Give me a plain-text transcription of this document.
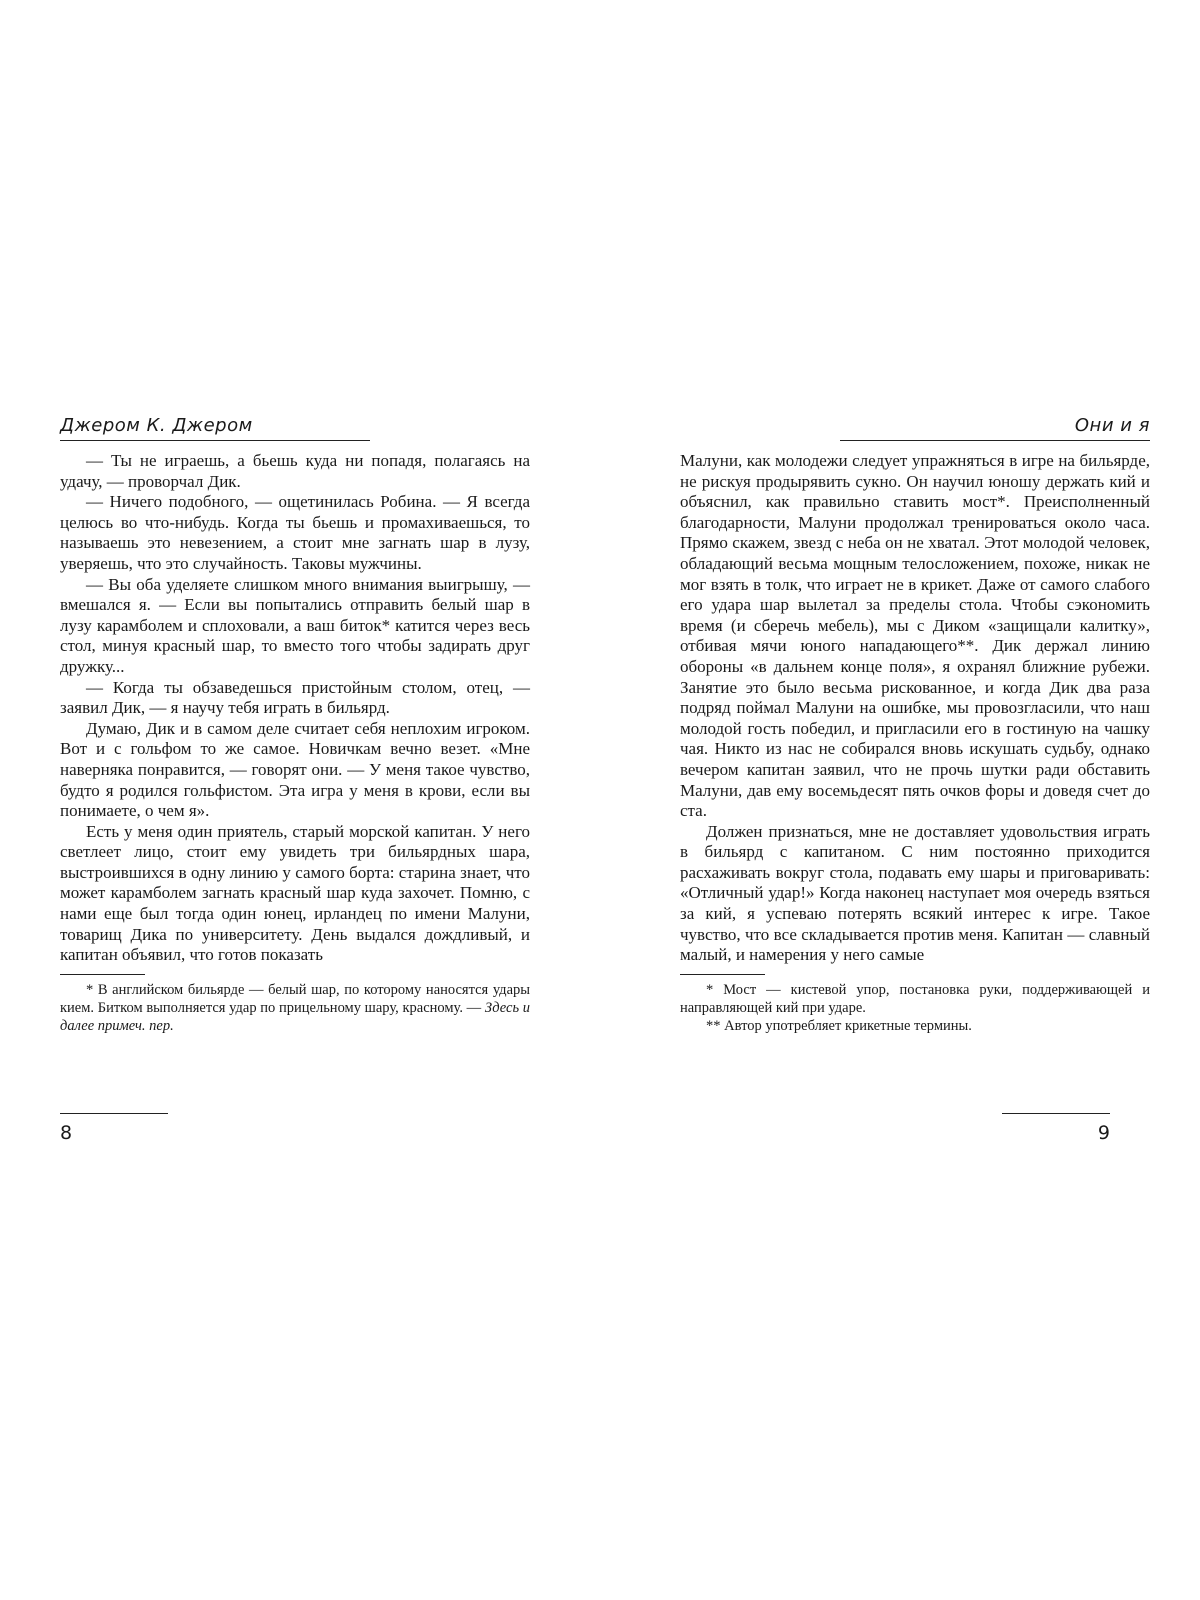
Джером К. Джером

— Ты не играешь, а бьешь куда ни попадя, полагаясь на удачу, — проворчал Дик.

— Ничего подобного, — ощетинилась Робина. — Я всегда целюсь во что-нибудь. Когда ты бьешь и промахиваешься, то называешь это невезением, а стоит мне загнать шар в лузу, уверяешь, что это случайность. Таковы мужчины.

— Вы оба уделяете слишком много внимания выигрышу, — вмешался я. — Если вы попытались отправить белый шар в лузу карамболем и сплоховали, а ваш биток* катится через весь стол, минуя красный шар, то вместо того чтобы задирать друг дружку...

— Когда ты обзаведешься пристойным столом, отец, — заявил Дик, — я научу тебя играть в бильярд.

Думаю, Дик и в самом деле считает себя неплохим игроком. Вот и с гольфом то же самое. Новичкам вечно везет. «Мне наверняка понравится, — говорят они. — У меня такое чувство, будто я родился гольфистом. Эта игра у меня в крови, если вы понимаете, о чем я».

Есть у меня один приятель, старый морской капитан. У него светлеет лицо, стоит ему увидеть три бильярдных шара, выстроившихся в одну линию у самого борта: старина знает, что может карамболем загнать красный шар куда захочет. Помню, с нами еще был тогда один юнец, ирландец по имени Малуни, товарищ Дика по университету. День выдался дождливый, и капитан объявил, что готов показать

* В английском бильярде — белый шар, по которому наносятся удары кием. Битком выполняется удар по прицельному шару, красному. — Здесь и далее примеч. пер.

8
Они и я

Малуни, как молодежи следует упражняться в игре на бильярде, не рискуя продырявить сукно. Он научил юношу держать кий и объяснил, как правильно ставить мост*. Преисполненный благодарности, Малуни продолжал тренироваться около часа. Прямо скажем, звезд с неба он не хватал. Этот молодой человек, обладающий весьма мощным телосложением, похоже, никак не мог взять в толк, что играет не в крикет. Даже от самого слабого его удара шар вылетал за пределы стола. Чтобы сэкономить время (и сберечь мебель), мы с Диком «защищали калитку», отбивая мячи юного нападающего**. Дик держал линию обороны «в дальнем конце поля», я охранял ближние рубежи. Занятие это было весьма рискованное, и когда Дик два раза подряд поймал Малуни на ошибке, мы провозгласили, что наш молодой гость победил, и пригласили его в гостиную на чашку чая. Никто из нас не собирался вновь искушать судьбу, однако вечером капитан заявил, что не прочь шутки ради обставить Малуни, дав ему восемьдесят пять очков форы и доведя счет до ста.

Должен признаться, мне не доставляет удовольствия играть в бильярд с капитаном. С ним постоянно приходится расхаживать вокруг стола, подавать ему шары и приговаривать: «Отличный удар!» Когда наконец наступает моя очередь взяться за кий, я успеваю потерять всякий интерес к игре. Такое чувство, что все складывается против меня. Капитан — славный малый, и намерения у него самые

* Мост — кистевой упор, постановка руки, поддерживающей и направляющей кий при ударе.

** Автор употребляет крикетные термины.

9
